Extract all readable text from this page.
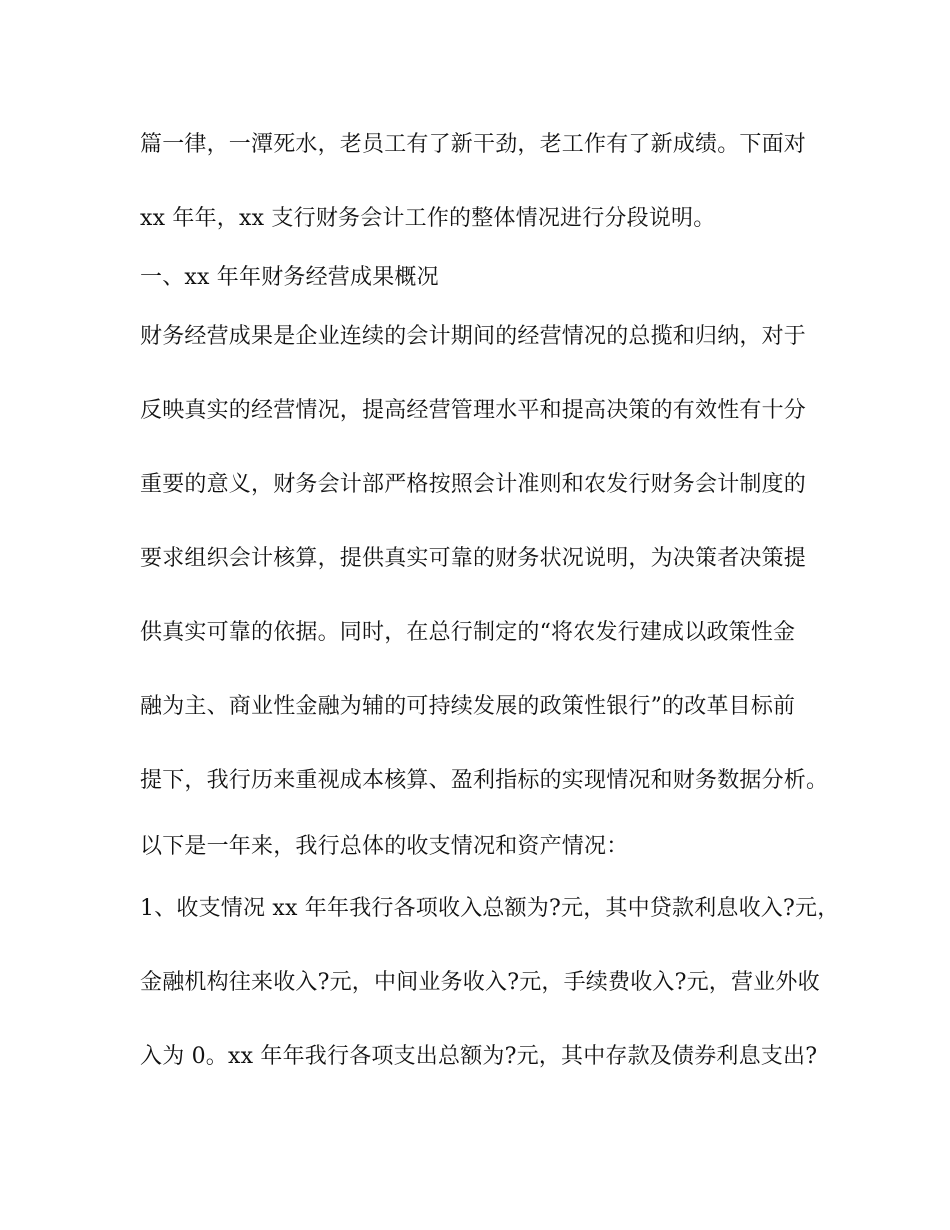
篇一律，一潭死水，老员工有了新干劲，老工作有了新成绩。下面对
xx 年年，xx 支行财务会计工作的整体情况进行分段说明。
一、xx 年年财务经营成果概况
财务经营成果是企业连续的会计期间的经营情况的总揽和归纳，对于
反映真实的经营情况，提高经营管理水平和提高决策的有效性有十分
重要的意义，财务会计部严格按照会计准则和农发行财务会计制度的
要求组织会计核算，提供真实可靠的财务状况说明，为决策者决策提
供真实可靠的依据。同时，在总行制定的“将农发行建成以政策性金
融为主、商业性金融为辅的可持续发展的政策性银行”的改革目标前
提下，我行历来重视成本核算、盈利指标的实现情况和财务数据分析。
以下是一年来，我行总体的收支情况和资产情况：
1、收支情况 xx 年年我行各项收入总额为?元，其中贷款利息收入?元，
金融机构往来收入?元，中间业务收入?元，手续费收入?元，营业外收
入为 0。xx 年年我行各项支出总额为?元，其中存款及债券利息支出?
